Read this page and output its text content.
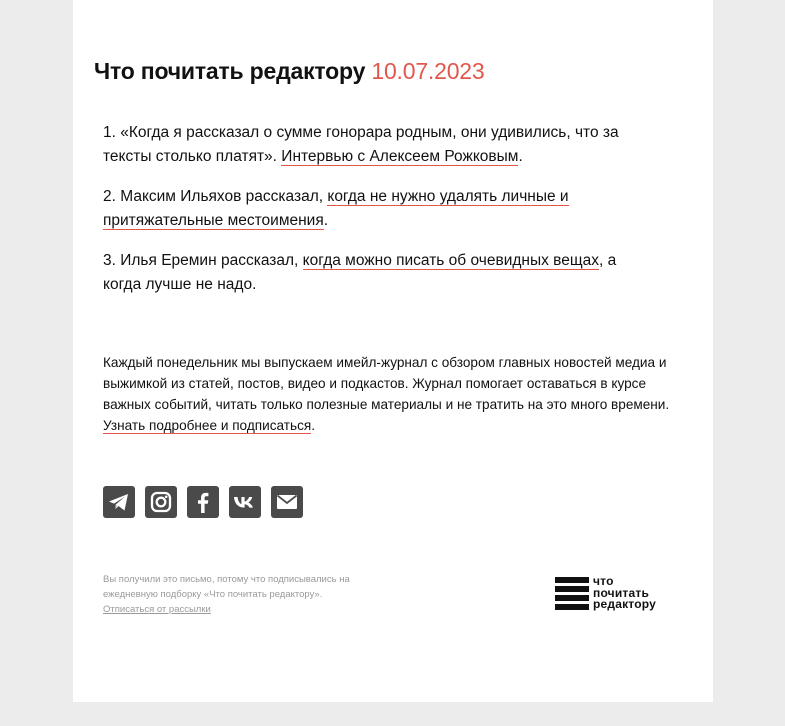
Что почитать редактору 10.07.2023

1. «Когда я рассказал о сумме гонорара родным, они удивились, что за тексты столько платят». Интервью с Алексеем Рожковым.

2. Максим Ильяхов рассказал, когда не нужно удалять личные и притяжательные местоимения.

3. Илья Еремин рассказал, когда можно писать об очевидных вещах, а когда лучше не надо.

Каждый понедельник мы выпускаем имейл-журнал с обзором главных новостей медиа и выжимкой из статей, постов, видео и подкастов. Журнал помогает оставаться в курсе важных событий, читать только полезные материалы и не тратить на это много времени. Узнать подробнее и подписаться.

Вы получили это письмо, потому что подписывались на ежедневную подборку «Что почитать редактору».
Отписаться от рассылки

что
почитать
редактору
